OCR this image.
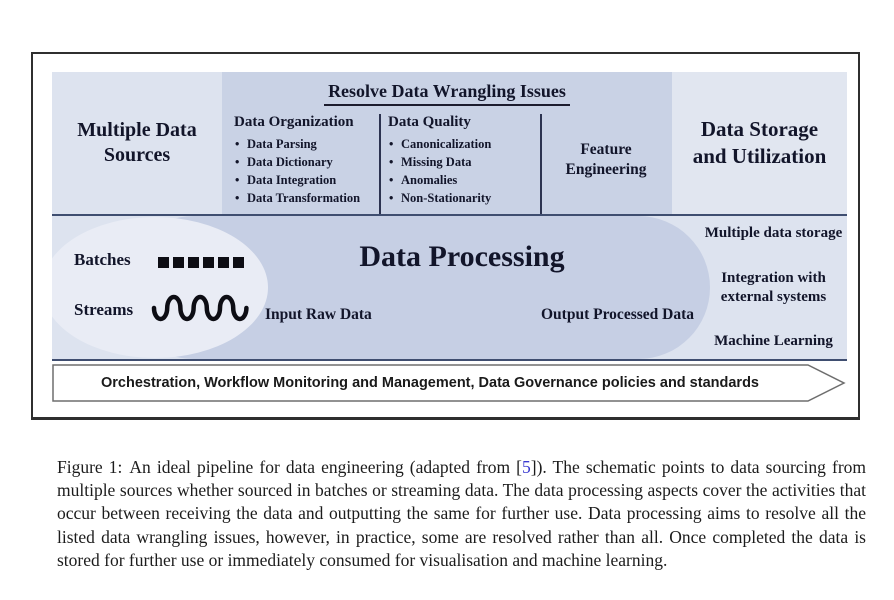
Multiple Data Sources
Resolve Data Wrangling Issues
Data Organization
• Data Parsing
• Data Dictionary
• Data Integration
• Data Transformation
Data Quality
• Canonicalization
• Missing Data
• Anomalies
• Non-Stationarity
Feature Engineering
Data Storage and Utilization
Batches
Streams
Data Processing
Input Raw Data	Output Processed Data
Multiple data storage
Integration with external systems
Machine Learning
Orchestration, Workflow Monitoring and Management, Data Governance policies and standards

Figure 1: An ideal pipeline for data engineering (adapted from [5]). The schematic points to data sourcing from multiple sources whether sourced in batches or streaming data. The data processing aspects cover the activities that occur between receiving the data and outputting the same for further use. Data processing aims to resolve all the listed data wrangling issues, however, in practice, some are resolved rather than all. Once completed the data is stored for further use or immediately consumed for visualisation and machine learning.
